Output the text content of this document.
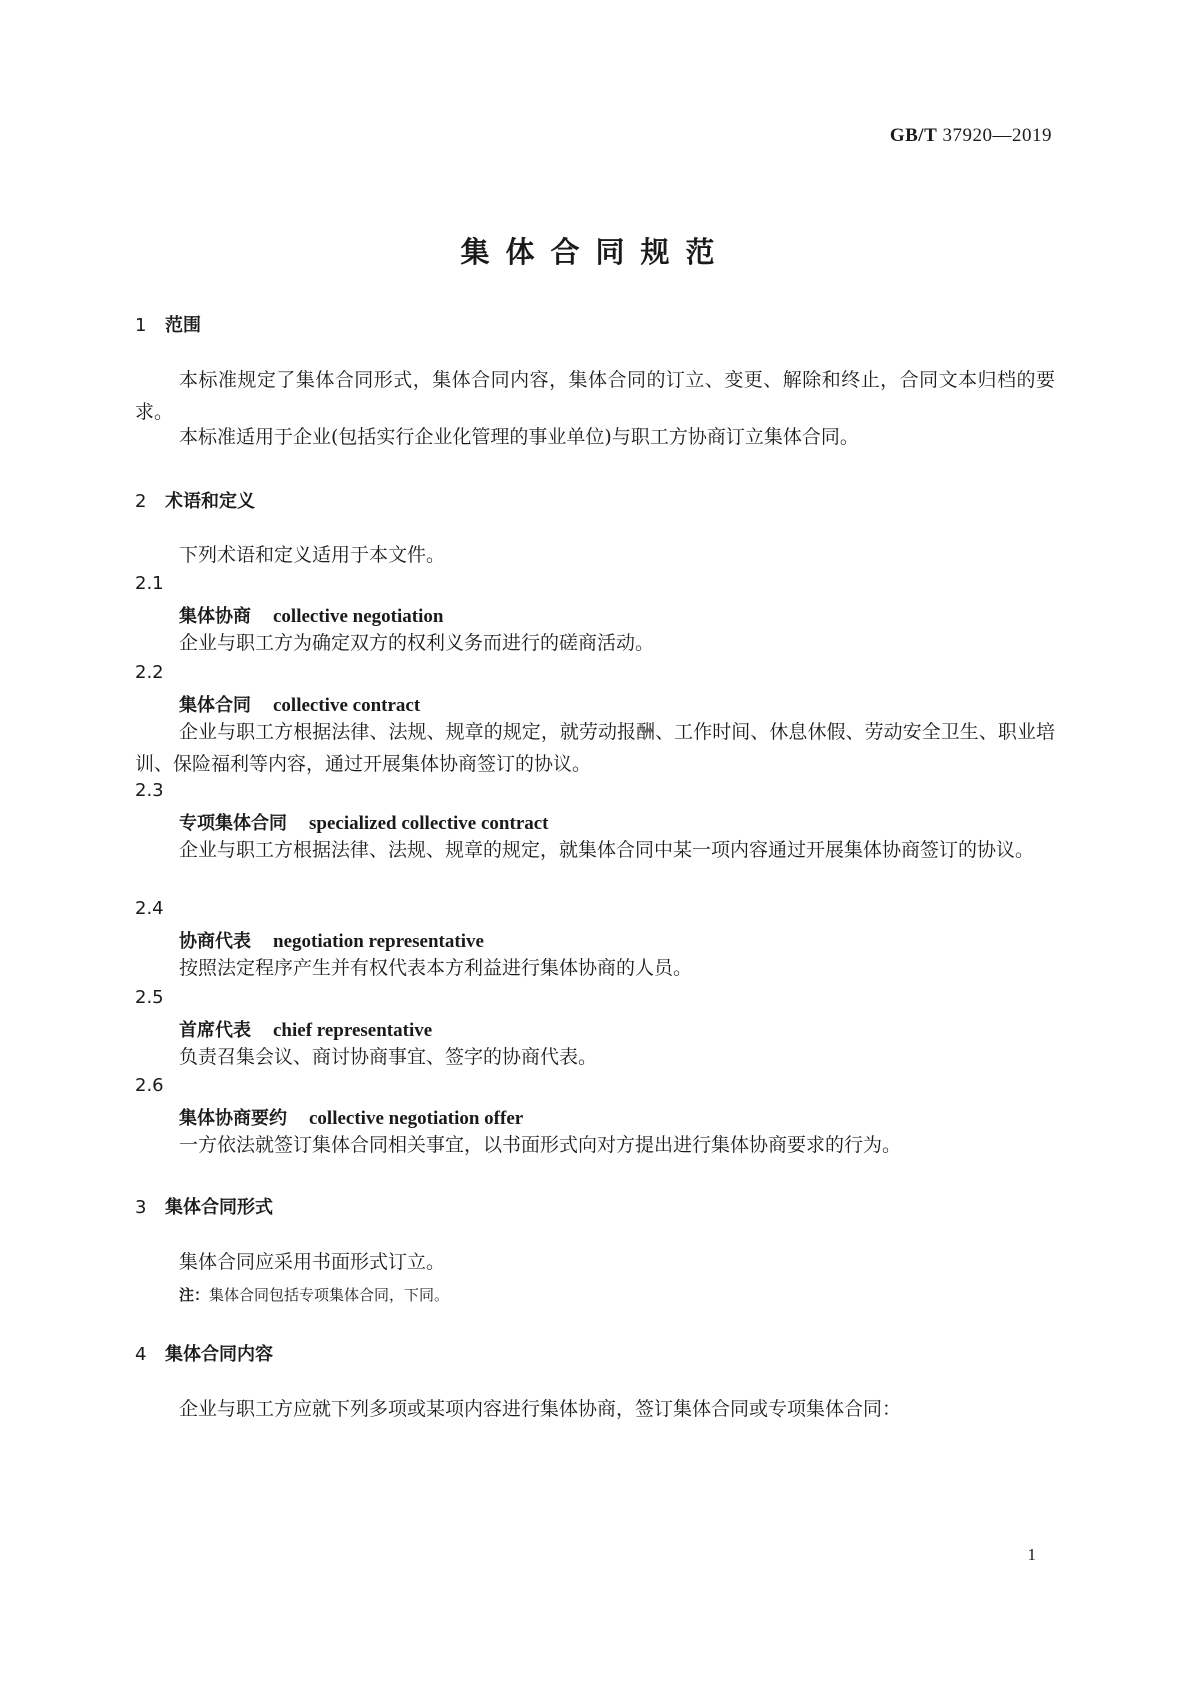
GB/T 37920—2019
集体合同规范
1 范围
本标准规定了集体合同形式，集体合同内容，集体合同的订立、变更、解除和终止，合同文本归档的要求。
本标准适用于企业(包括实行企业化管理的事业单位)与职工方协商订立集体合同。
2 术语和定义
下列术语和定义适用于本文件。
2.1
集体协商 collective negotiation
企业与职工方为确定双方的权利义务而进行的磋商活动。
2.2
集体合同 collective contract
企业与职工方根据法律、法规、规章的规定，就劳动报酬、工作时间、休息休假、劳动安全卫生、职业培训、保险福利等内容，通过开展集体协商签订的协议。
2.3
专项集体合同 specialized collective contract
企业与职工方根据法律、法规、规章的规定，就集体合同中某一项内容通过开展集体协商签订的协议。
2.4
协商代表 negotiation representative
按照法定程序产生并有权代表本方利益进行集体协商的人员。
2.5
首席代表 chief representative
负责召集会议、商讨协商事宜、签字的协商代表。
2.6
集体协商要约 collective negotiation offer
一方依法就签订集体合同相关事宜，以书面形式向对方提出进行集体协商要求的行为。
3 集体合同形式
集体合同应采用书面形式订立。
注：集体合同包括专项集体合同，下同。
4 集体合同内容
企业与职工方应就下列多项或某项内容进行集体协商，签订集体合同或专项集体合同：
1
